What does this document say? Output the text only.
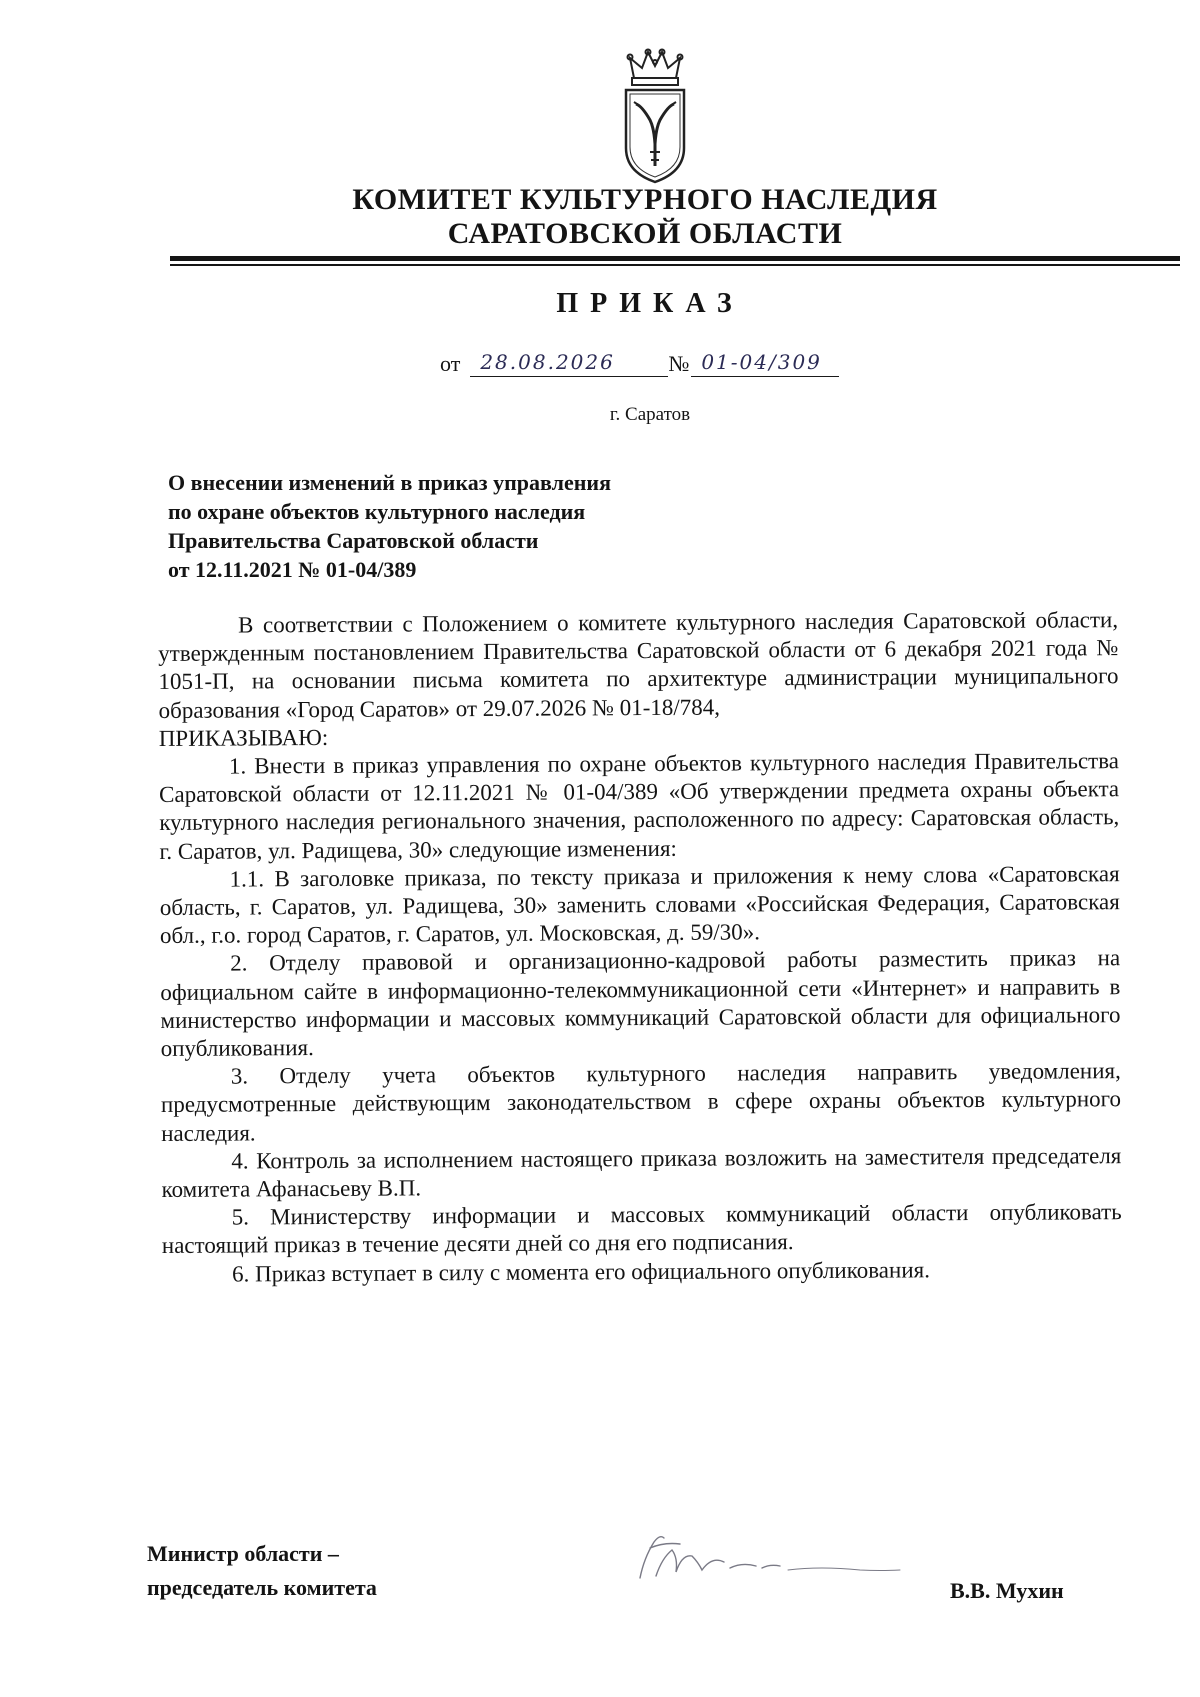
КОМИТЕТ КУЛЬТУРНОГО НАСЛЕДИЯ
САРАТОВСКОЙ ОБЛАСТИ
ПРИКАЗ
от 28.08.2026 № 01-04/309
г. Саратов
О внесении изменений в приказ управления
по охране объектов культурного наследия
Правительства Саратовской области
от 12.11.2021 № 01-04/389

В соответствии с Положением о комитете культурного наследия Саратовской области, утвержденным постановлением Правительства Саратовской области от 6 декабря 2021 года № 1051-П, на основании письма комитета по архитектуре администрации муниципального образования «Город Саратов» от 29.07.2026 № 01-18/784,

ПРИКАЗЫВАЮ:

1. Внести в приказ управления по охране объектов культурного наследия Правительства Саратовской области от 12.11.2021 № 01-04/389 «Об утверждении предмета охраны объекта культурного наследия регионального значения, расположенного по адресу: Саратовская область, г. Саратов, ул. Радищева, 30» следующие изменения:

1.1. В заголовке приказа, по тексту приказа и приложения к нему слова «Саратовская область, г. Саратов, ул. Радищева, 30» заменить словами «Российская Федерация, Саратовская обл., г.о. город Саратов, г. Саратов, ул. Московская, д. 59/30».

2. Отделу правовой и организационно-кадровой работы разместить приказ на официальном сайте в информационно-телекоммуникационной сети «Интернет» и направить в министерство информации и массовых коммуникаций Саратовской области для официального опубликования.

3. Отделу учета объектов культурного наследия направить уведомления, предусмотренные действующим законодательством в сфере охраны объектов культурного наследия.

4. Контроль за исполнением настоящего приказа возложить на заместителя председателя комитета Афанасьеву В.П.

5. Министерству информации и массовых коммуникаций области опубликовать настоящий приказ в течение десяти дней со дня его подписания.

6. Приказ вступает в силу с момента его официального опубликования.

Министр области –
председатель комитета	В.В. Мухин
